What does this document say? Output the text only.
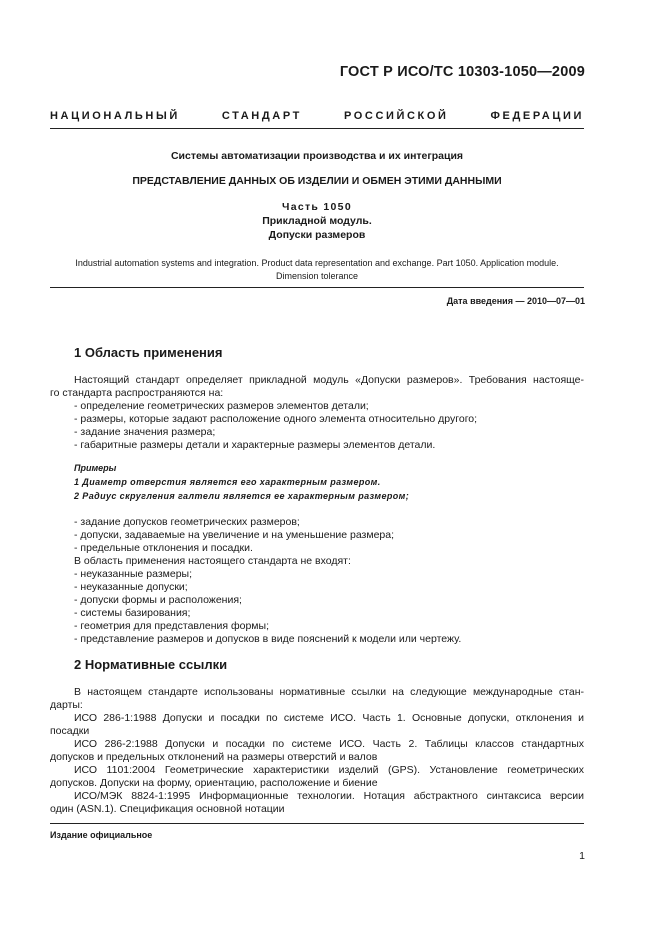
ГОСТ Р ИСО/ТС 10303-1050—2009
НАЦИОНАЛЬНЫЙ СТАНДАРТ РОССИЙСКОЙ ФЕДЕРАЦИИ
Системы автоматизации производства и их интеграция
ПРЕДСТАВЛЕНИЕ ДАННЫХ ОБ ИЗДЕЛИИ И ОБМЕН ЭТИМИ ДАННЫМИ
Часть 1050
Прикладной модуль.
Допуски размеров
Industrial automation systems and integration. Product data representation and exchange. Part 1050. Application module. Dimension tolerance
Дата введения — 2010—07—01
1 Область применения
Настоящий стандарт определяет прикладной модуль «Допуски размеров». Требования настояще-
го стандарта распространяются на:
- определение геометрических размеров элементов детали;
- размеры, которые задают расположение одного элемента относительно другого;
- задание значения размера;
- габаритные размеры детали и характерные размеры элементов детали.
Примеры
1 Диаметр отверстия является его характерным размером.
2 Радиус скругления галтели является ее характерным размером;
- задание допусков геометрических размеров;
- допуски, задаваемые на увеличение и на уменьшение размера;
- предельные отклонения и посадки.
В область применения настоящего стандарта не входят:
- неуказанные размеры;
- неуказанные допуски;
- допуски формы и расположения;
- системы базирования;
- геометрия для представления формы;
- представление размеров и допусков в виде пояснений к модели или чертежу.
2 Нормативные ссылки
В настоящем стандарте использованы нормативные ссылки на следующие международные стан-
дарты:
ИСО 286-1:1988 Допуски и посадки по системе ИСО. Часть 1. Основные допуски, отклонения и
посадки
ИСО 286-2:1988 Допуски и посадки по системе ИСО. Часть 2. Таблицы классов стандартных
допусков и предельных отклонений на размеры отверстий и валов
ИСО 1101:2004 Геометрические характеристики изделий (GPS). Установление геометрических
допусков. Допуски на форму, ориентацию, расположение и биение
ИСО/МЭК 8824-1:1995 Информационные технологии. Нотация абстрактного синтаксиса версии
один (ASN.1). Спецификация основной нотации
Издание официальное
1
